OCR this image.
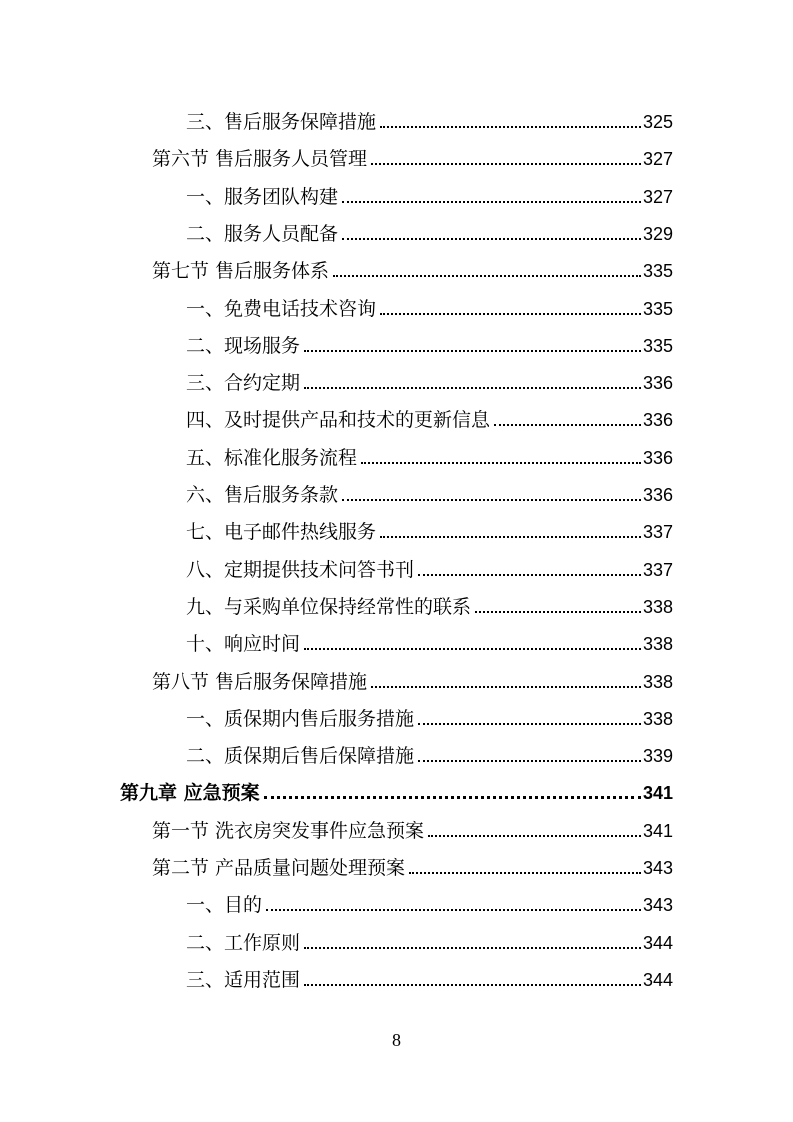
三、售后服务保障措施	325
第六节 售后服务人员管理	327
一、服务团队构建	327
二、服务人员配备	329
第七节 售后服务体系	335
一、免费电话技术咨询	335
二、现场服务	335
三、合约定期	336
四、及时提供产品和技术的更新信息	336
五、标准化服务流程	336
六、售后服务条款	336
七、电子邮件热线服务	337
八、定期提供技术问答书刊	337
九、与采购单位保持经常性的联系	338
十、响应时间	338
第八节 售后服务保障措施	338
一、质保期内售后服务措施	338
二、质保期后售后保障措施	339
第九章 应急预案	341
第一节 洗衣房突发事件应急预案	341
第二节 产品质量问题处理预案	343
一、目的	343
二、工作原则	344
三、适用范围	344
8
